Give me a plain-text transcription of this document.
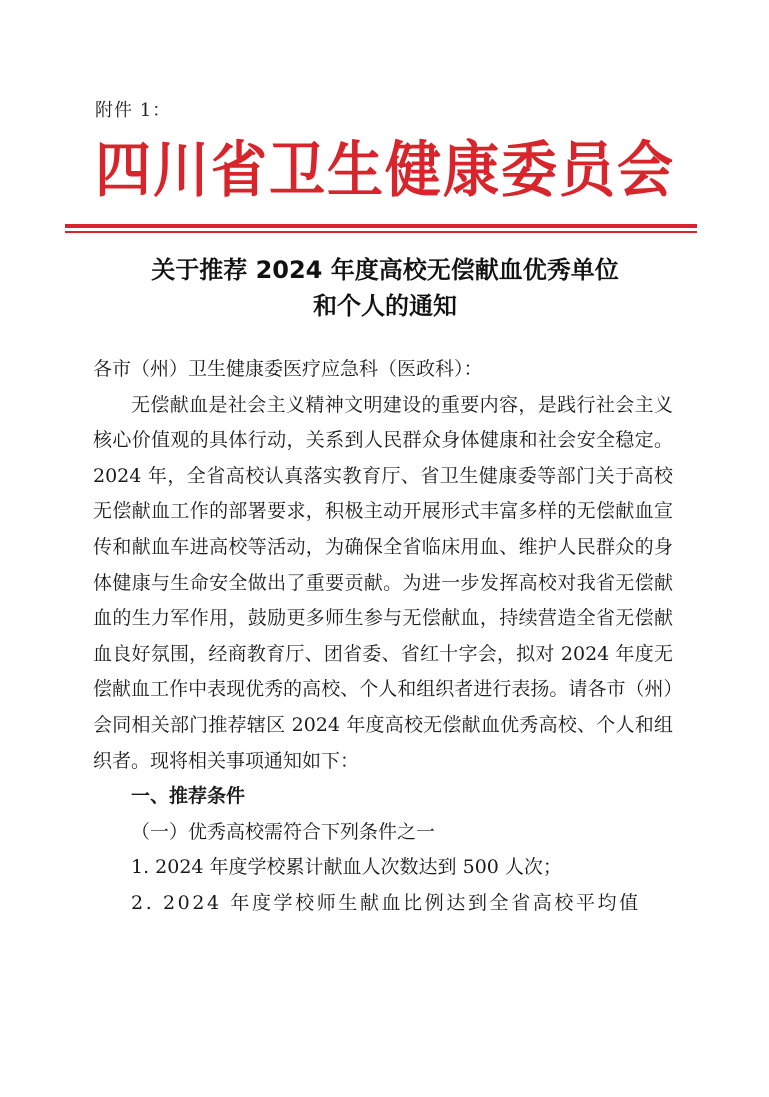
附件 1：
四川省卫生健康委员会
关于推荐 2024 年度高校无偿献血优秀单位
和个人的通知

各市（州）卫生健康委医疗应急科（医政科）：

无偿献血是社会主义精神文明建设的重要内容，是践行社会主义核心价值观的具体行动，关系到人民群众身体健康和社会安全稳定。2024 年，全省高校认真落实教育厅、省卫生健康委等部门关于高校无偿献血工作的部署要求，积极主动开展形式丰富多样的无偿献血宣传和献血车进高校等活动，为确保全省临床用血、维护人民群众的身体健康与生命安全做出了重要贡献。为进一步发挥高校对我省无偿献血的生力军作用，鼓励更多师生参与无偿献血，持续营造全省无偿献血良好氛围，经商教育厅、团省委、省红十字会，拟对 2024 年度无偿献血工作中表现优秀的高校、个人和组织者进行表扬。请各市（州）会同相关部门推荐辖区 2024 年度高校无偿献血优秀高校、个人和组织者。现将相关事项通知如下：

一、推荐条件

（一）优秀高校需符合下列条件之一

1. 2024 年度学校累计献血人次数达到 500 人次；

2. 2024 年度学校师生献血比例达到全省高校平均值
